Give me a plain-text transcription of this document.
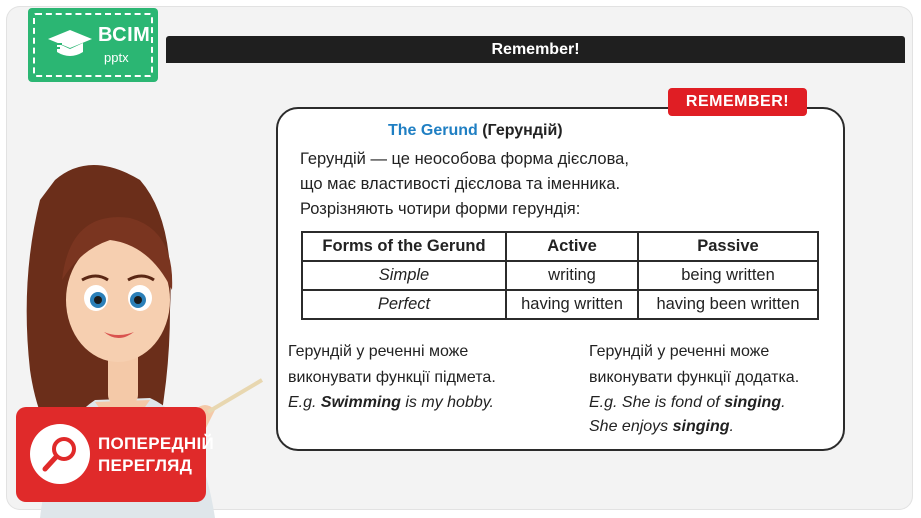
ВСІМ
pptx	Remember!
REMEMBER!
The Gerund (Герундій)
Герундій — це неособова форма дієслова,
що має властивості дієслова та іменника.
Розрізняють чотири форми герундія:
Forms of the Gerund	Active	Passive
Simple	writing	being written
Perfect	having written	having been written
Герундій у реченні може
виконувати функції підмета.
E.g. Swimming is my hobby.
Герундій у реченні може
виконувати функції додатка.
E.g. She is fond of singing.
She enjoys singing.
ПОПЕРЕДНІЙ
ПЕРЕГЛЯД
